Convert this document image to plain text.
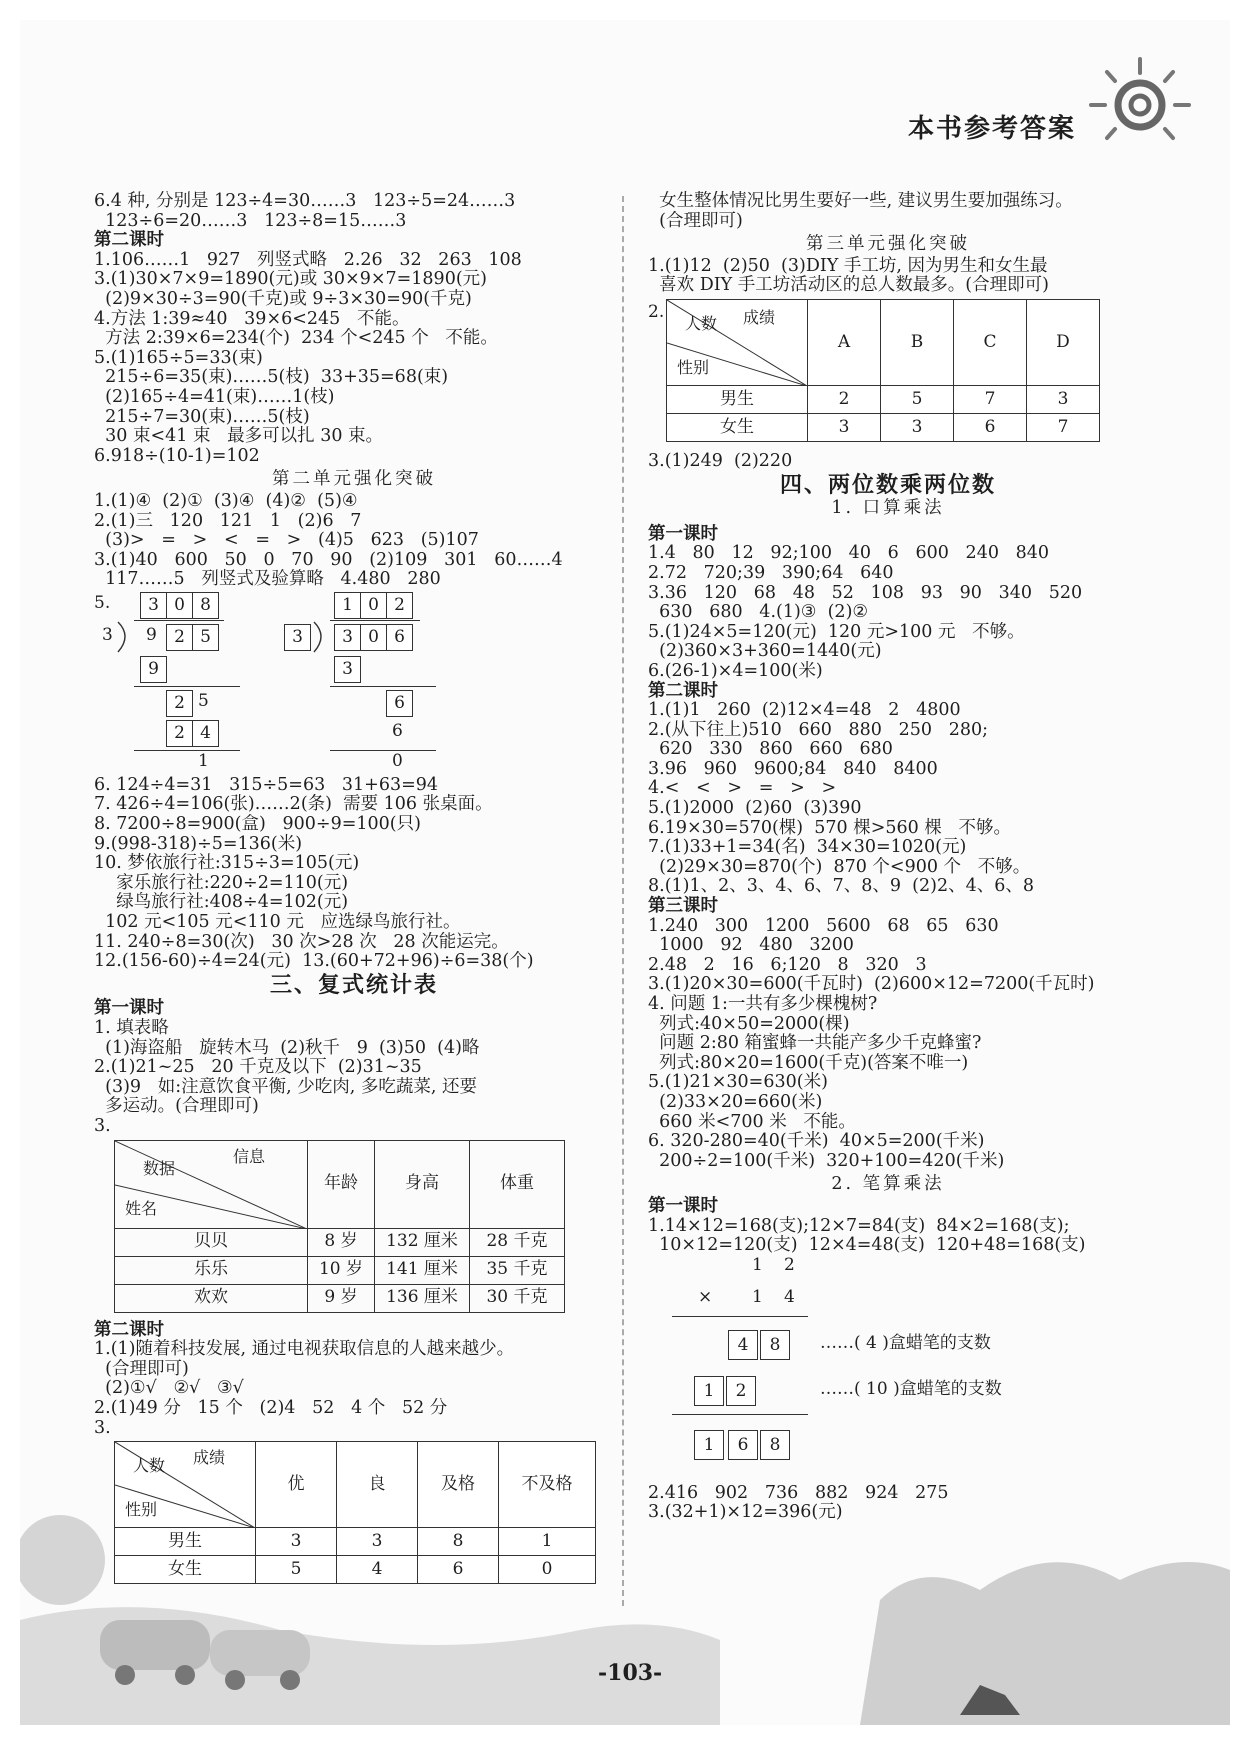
本书参考答案
6.4 种, 分别是 123÷4=30……3   123÷5=24……3
123÷6=20……3   123÷8=15……3
第二课时
1.106……1   927   列竖式略   2.26   32   263   108
3.(1)30×7×9=1890(元)或 30×9×7=1890(元)
(2)9×30÷3=90(千克)或 9÷3×30=90(千克)
4.方法 1:39≈40   39×6<245   不能。
方法 2:39×6=234(个)  234 个<245 个   不能。
5.(1)165÷5=33(束)
215÷6=35(束)……5(枝)  33+35=68(束)
(2)165÷4=41(束)……1(枝)
215÷7=30(束)……5(枝)
30 束<41 束   最多可以扎 30 束。
6.918÷(10-1)=102
第二单元强化突破
1.(1)④  (2)①  (3)④  (4)②  (5)④
2.(1)三   120   121   1   (2)6   7
(3)>   =   >   <   =   >   (4)5   623   (5)107
3.(1)40   600   50   0   70   90   (2)109   301   60……4
117……5   列竖式及验算略   4.480   280
5.	3 0 8
3 9	2 5
9
2 5
2 4
1
1 0 2
3	3 0 6
3
6
6
0
6. 124÷4=31   315÷5=63   31+63=94
7. 426÷4=106(张)……2(条)  需要 106 张桌面。
8. 7200÷8=900(盒)   900÷9=100(只)
9.(998-318)÷5=136(米)
10. 梦依旅行社:315÷3=105(元)
家乐旅行社:220÷2=110(元)
绿鸟旅行社:408÷4=102(元)
102 元<105 元<110 元   应选绿鸟旅行社。
11. 240÷8=30(次)   30 次>28 次   28 次能运完。
12.(156-60)÷4=24(元)  13.(60+72+96)÷6=38(个)
三、复式统计表
第一课时
1. 填表略
(1)海盗船   旋转木马  (2)秋千   9  (3)50  (4)略
2.(1)21~25   20 千克及以下  (2)31~35
(3)9   如:注意饮食平衡, 少吃肉, 多吃蔬菜, 还要
多运动。(合理即可)
3.
信息
数据
姓名	年龄	身高	体重
贝贝	8 岁	132 厘米	28 千克
乐乐	10 岁	141 厘米	35 千克
欢欢	9 岁	136 厘米	30 千克
第二课时
1.(1)随着科技发展, 通过电视获取信息的人越来越少。
(合理即可)
(2)①√   ②√   ③√
2.(1)49 分   15 个   (2)4   52   4 个   52 分
3.
成绩
人数
性别	优	良	及格	不及格
男生	3	3	8	1
女生	5	4	6	0
女生整体情况比男生要好一些, 建议男生要加强练习。
(合理即可)
第三单元强化突破
1.(1)12  (2)50  (3)DIY 手工坊, 因为男生和女生最
喜欢 DIY 手工坊活动区的总人数最多。(合理即可)
2.	成绩
人数
性别	A	B	C	D
男生	2	5	7	3
女生	3	3	6	7
3.(1)249  (2)220
四、两位数乘两位数
1. 口算乘法
第一课时
1.4   80   12   92;100   40   6   600   240   840
2.72   720;39   390;64   640
3.36   120   68   48   52   108   93   90   340   520
630   680   4.(1)③  (2)②
5.(1)24×5=120(元)  120 元>100 元   不够。
(2)360×3+360=1440(元)
6.(26-1)×4=100(米)
第二课时
1.(1)1   260  (2)12×4=48   2   4800
2.(从下往上)510   660   880   250   280;
620   330   860   660   680
3.96   960   9600;84   840   8400
4.<   <   >   =   >   >
5.(1)2000  (2)60  (3)390
6.19×30=570(棵)  570 棵>560 棵   不够。
7.(1)33+1=34(名)  34×30=1020(元)
(2)29×30=870(个)  870 个<900 个   不够。
8.(1)1、2、3、4、6、7、8、9  (2)2、4、6、8
第三课时
1.240   300   1200   5600   68   65   630
1000   92   480   3200
2.48   2   16   6;120   8   320   3
3.(1)20×30=600(千瓦时)  (2)600×12=7200(千瓦时)
4. 问题 1:一共有多少棵槐树?
列式:40×50=2000(棵)
问题 2:80 箱蜜蜂一共能产多少千克蜂蜜?
列式:80×20=1600(千克)(答案不唯一)
5.(1)21×30=630(米)
(2)33×20=660(米)
660 米<700 米   不能。
6. 320-280=40(千米)  40×5=200(千米)
200÷2=100(千米)  320+100=420(千米)
2. 笔算乘法
第一课时
1.14×12=168(支);12×7=84(支)  84×2=168(支);
10×12=120(支)  12×4=48(支)  120+48=168(支)
1 2
× 1 4
4	8	……( 4 )盒蜡笔的支数
1	2	……( 10 )盒蜡笔的支数
1	6	8
2.416   902   736   882   924   275
3.(32+1)×12=396(元)
-103-
